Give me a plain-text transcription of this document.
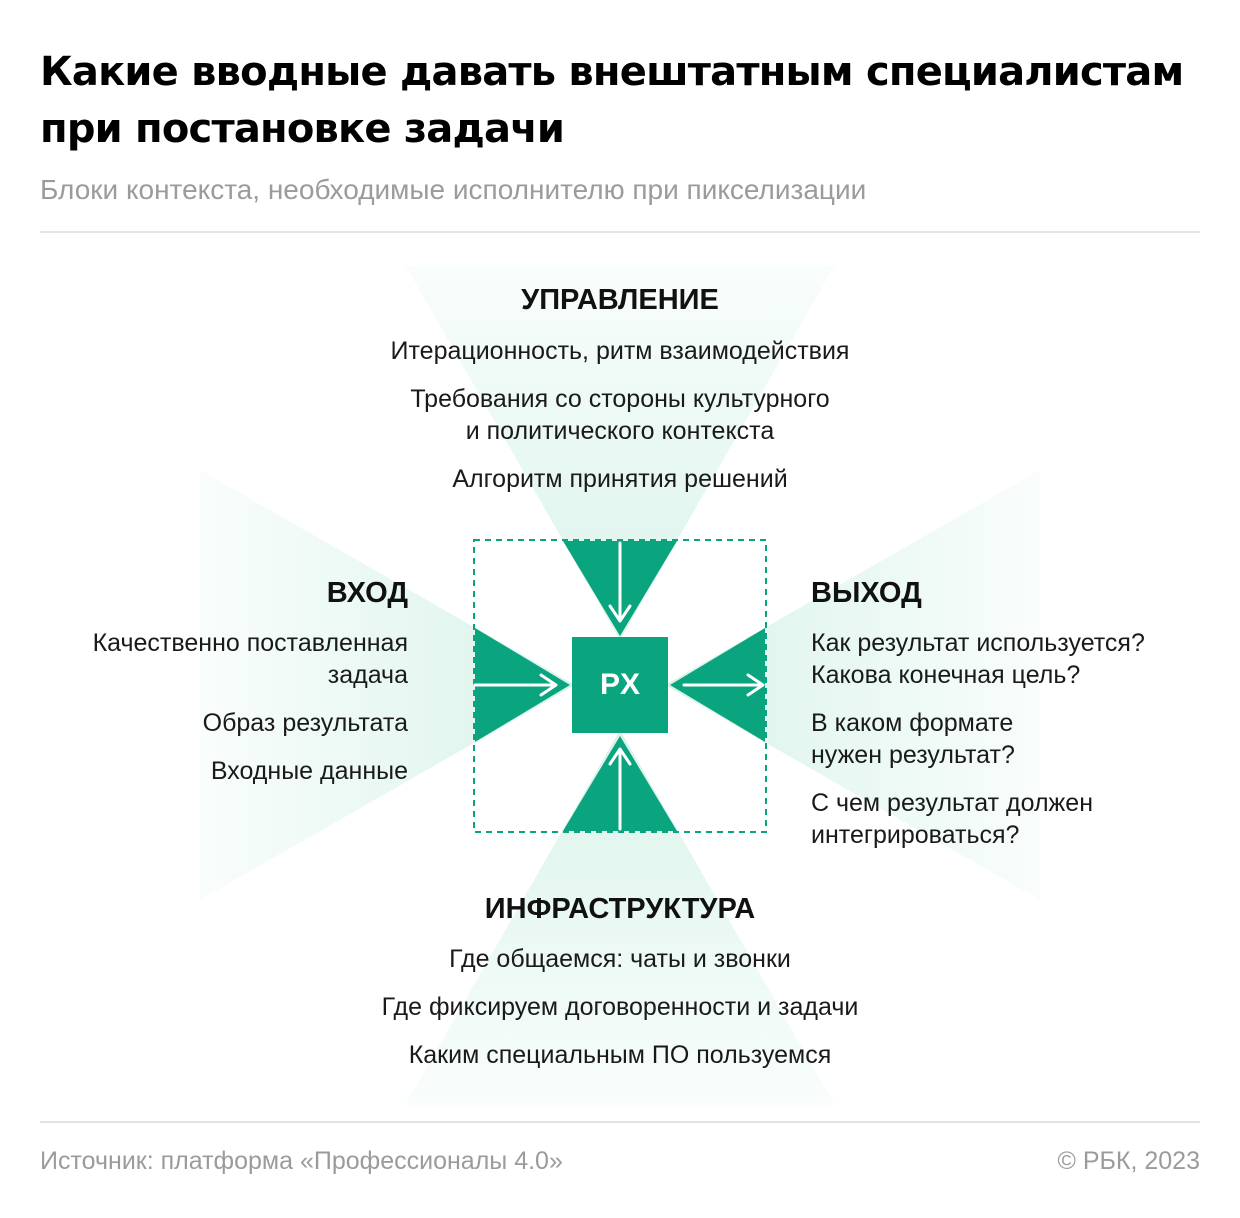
Какие вводные давать внештатным специалистам при постановке задачи

Блоки контекста, необходимые исполнителю при пикселизации

PX
УПРАВЛЕНИЕ
Итерационность, ритм взаимодействия
Требования со стороны культурного
и политического контекста
Алгоритм принятия решений
ВХОД
Качественно поставленная
задача
Образ результата
Входные данные
ВЫХОД
Как результат используется?
Какова конечная цель?
В каком формате
нужен результат?
С чем результат должен
интегрироваться?
ИНФРАСТРУКТУРА
Где общаемся: чаты и звонки
Где фиксируем договоренности и задачи
Каким специальным ПО пользуемся
Источник: платформа «Профессионалы 4.0»	© РБК, 2023
